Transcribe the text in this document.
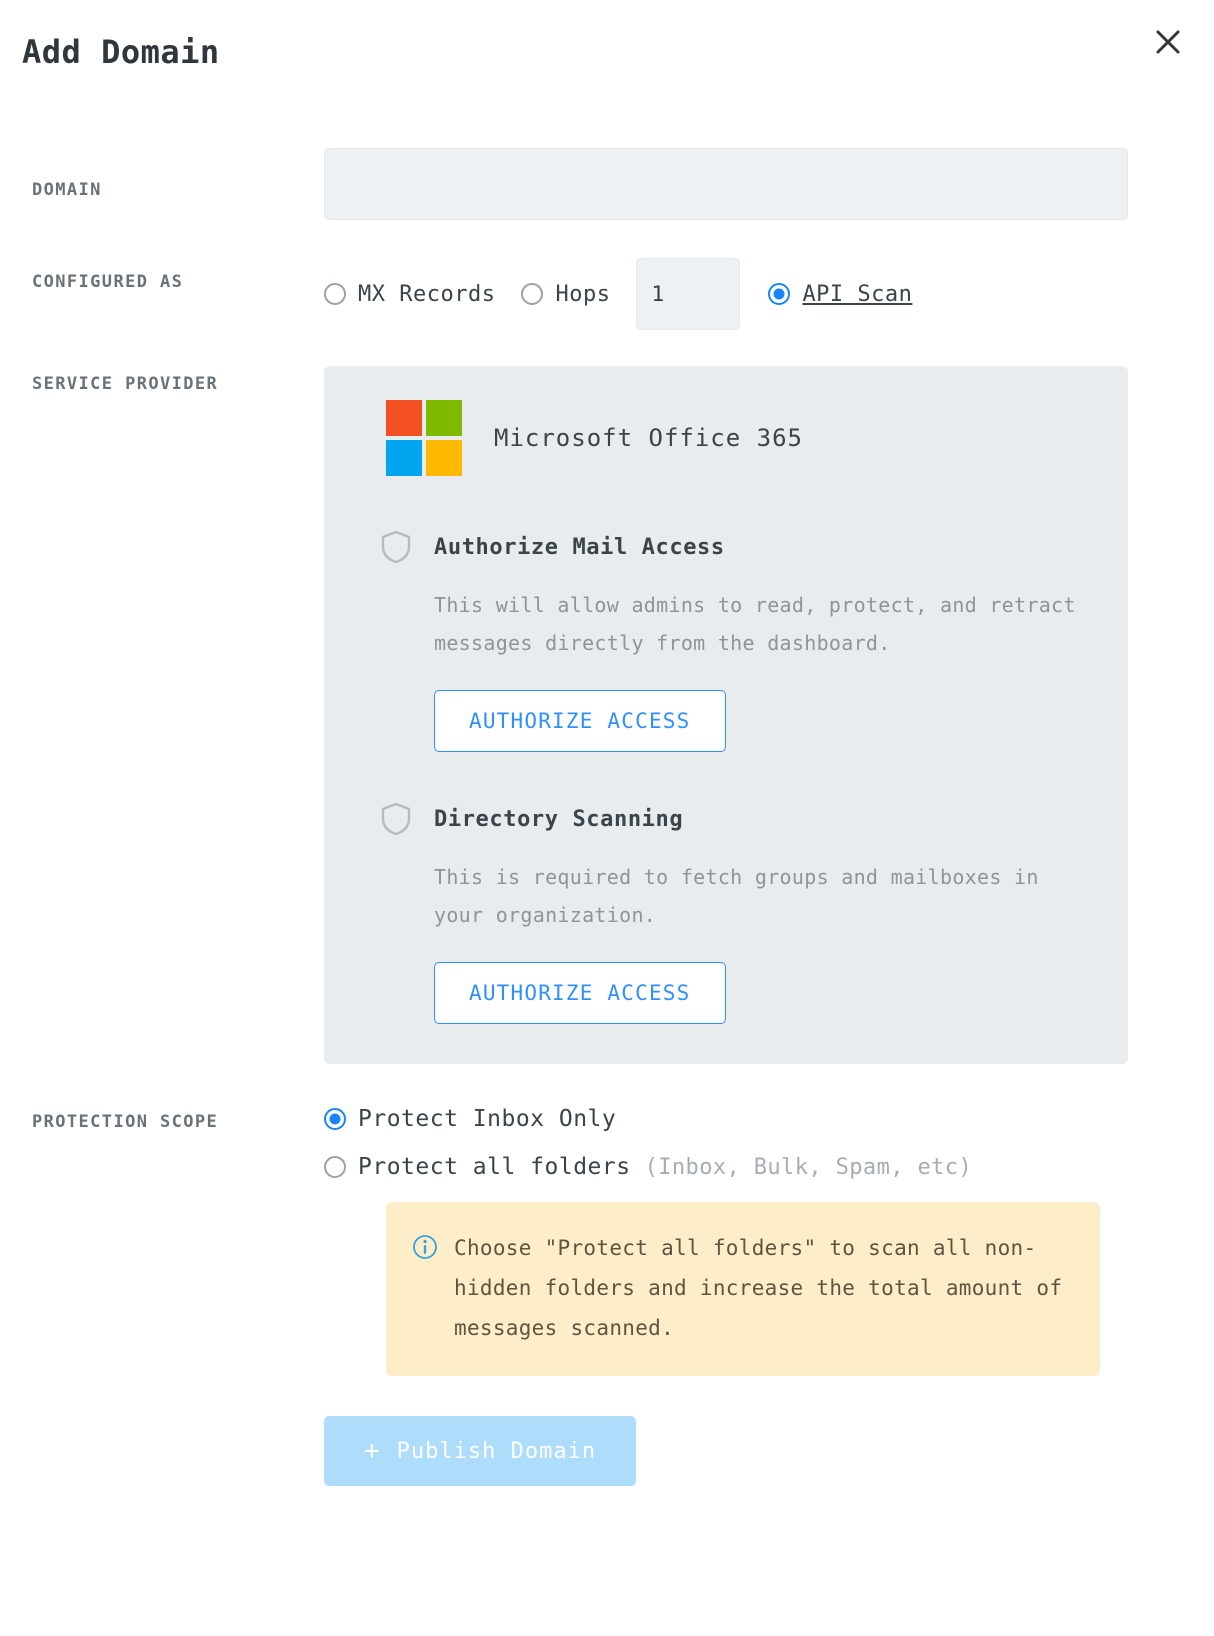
Add Domain
DOMAIN
CONFIGURED AS	MX Records	Hops
1	API Scan
SERVICE PROVIDER
Microsoft Office 365
Authorize Mail Access
This will allow admins to read, protect, and retract messages directly from the dashboard.
AUTHORIZE ACCESS
Directory Scanning
This is required to fetch groups and mailboxes in your organization.
AUTHORIZE ACCESS
PROTECTION SCOPE	Protect Inbox Only
Protect all folders (Inbox, Bulk, Spam, etc)
Choose "Protect all folders" to scan all non-hidden folders and increase the total amount of messages scanned.
+ Publish Domain
